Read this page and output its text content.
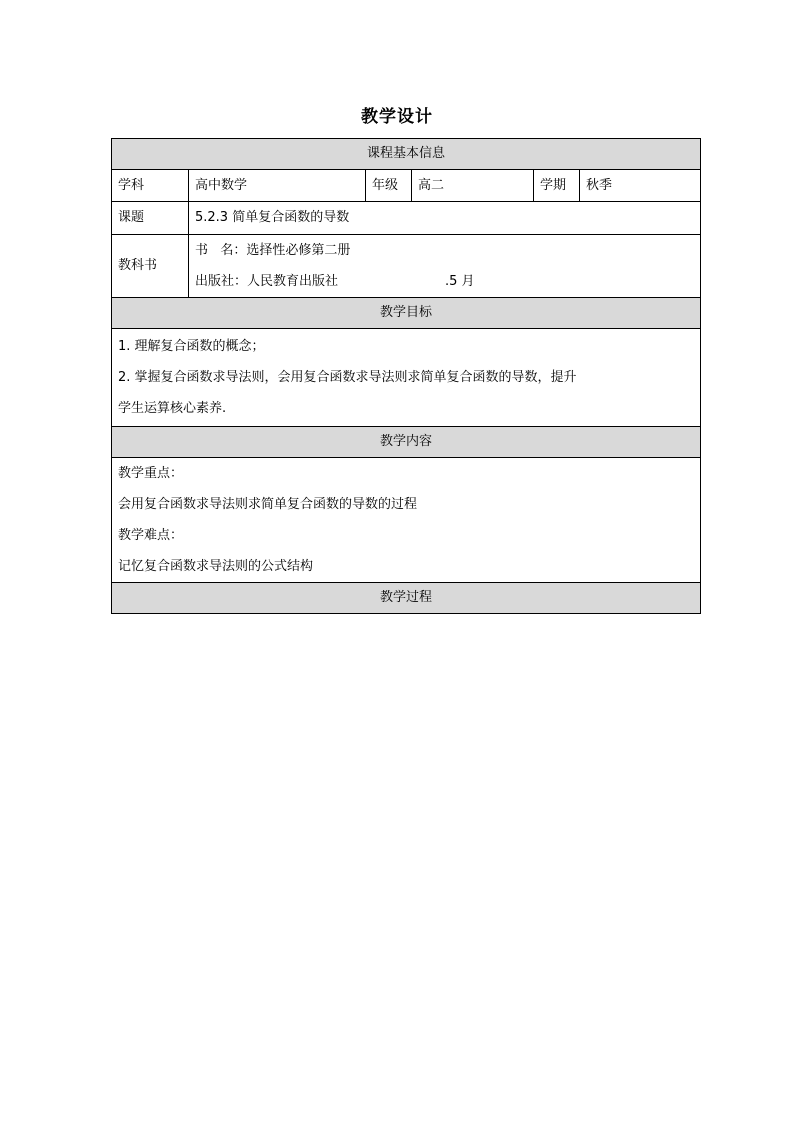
教学设计
课程基本信息					
学科	高中数学	年级	高二	学期	秋季
课题	5.2.3 简单复合函数的导数				
教科书	书   名：选择性必修第二册
出版社：人民教育出版社 .5 月				

教学目标					

1. 理解复合函数的概念；
2. 掌握复合函数求导法则，会用复合函数求导法则求简单复合函数的导数，提升
学生运算核心素养.					

教学内容					

教学重点：
会用复合函数求导法则求简单复合函数的导数的过程
教学难点：
记忆复合函数求导法则的公式结构					

教学过程					
